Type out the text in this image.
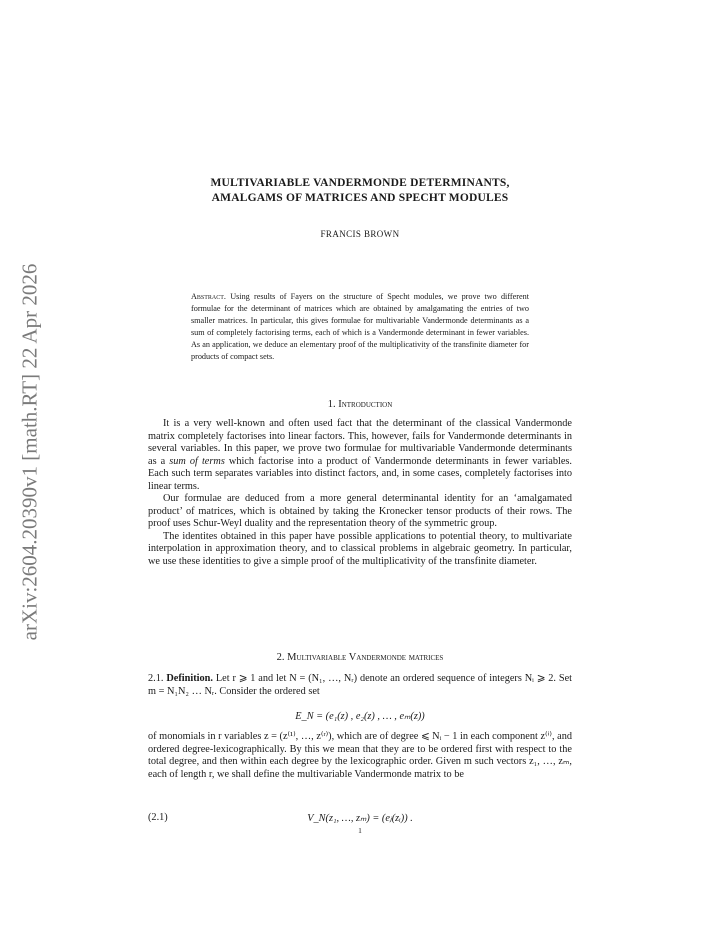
arXiv:2604.20390v1 [math.RT] 22 Apr 2026
MULTIVARIABLE VANDERMONDE DETERMINANTS,
AMALGAMS OF MATRICES AND SPECHT MODULES
FRANCIS BROWN
Abstract. Using results of Fayers on the structure of Specht modules, we prove two different formulae for the determinant of matrices which are obtained by amalgamating the entries of two smaller matrices. In particular, this gives formulae for multivariable Vandermonde determinants as a sum of completely factorising terms, each of which is a Vandermonde determinant in fewer variables. As an application, we deduce an elementary proof of the multiplicativity of the transfinite diameter for products of compact sets.
1. Introduction

It is a very well-known and often used fact that the determinant of the classical Vandermonde matrix completely factorises into linear factors. This, however, fails for Vandermonde determinants in several variables. In this paper, we prove two formulae for multivariable Vandermonde determinants as a sum of terms which factorise into a product of Vandermonde determinants in fewer variables. Each such term separates variables into distinct factors, and, in some cases, completely factorises into linear terms.

Our formulae are deduced from a more general determinantal identity for an ‘amalgamated product’ of matrices, which is obtained by taking the Kronecker tensor products of their rows. The proof uses Schur-Weyl duality and the representation theory of the symmetric group.

The identites obtained in this paper have possible applications to potential theory, to multivariate interpolation in approximation theory, and to classical problems in algebraic geometry. In particular, we use these identities to give a simple proof of the multiplicativity of the transfinite diameter.

2. Multivariable Vandermonde matrices

2.1. Definition. Let r ⩾ 1 and let N = (N₁, …, Nᵣ) denote an ordered sequence of integers Nᵢ ⩾ 2. Set m = N₁N₂ … Nᵣ. Consider the ordered set

E_N = (e₁(z) , e₂(z) , … , eₘ(z))

of monomials in r variables z = (z⁽¹⁾, …, z⁽ʳ⁾), which are of degree ⩽ Nᵢ − 1 in each component z⁽ⁱ⁾, and ordered degree-lexicographically. By this we mean that they are to be ordered first with respect to the total degree, and then within each degree by the lexicographic order. Given m such vectors z₁, …, zₘ, each of length r, we shall define the multivariable Vandermonde matrix to be

(2.1)	V_N(z₁, …, zₘ) = (eⱼ(zᵢ)) .
1
